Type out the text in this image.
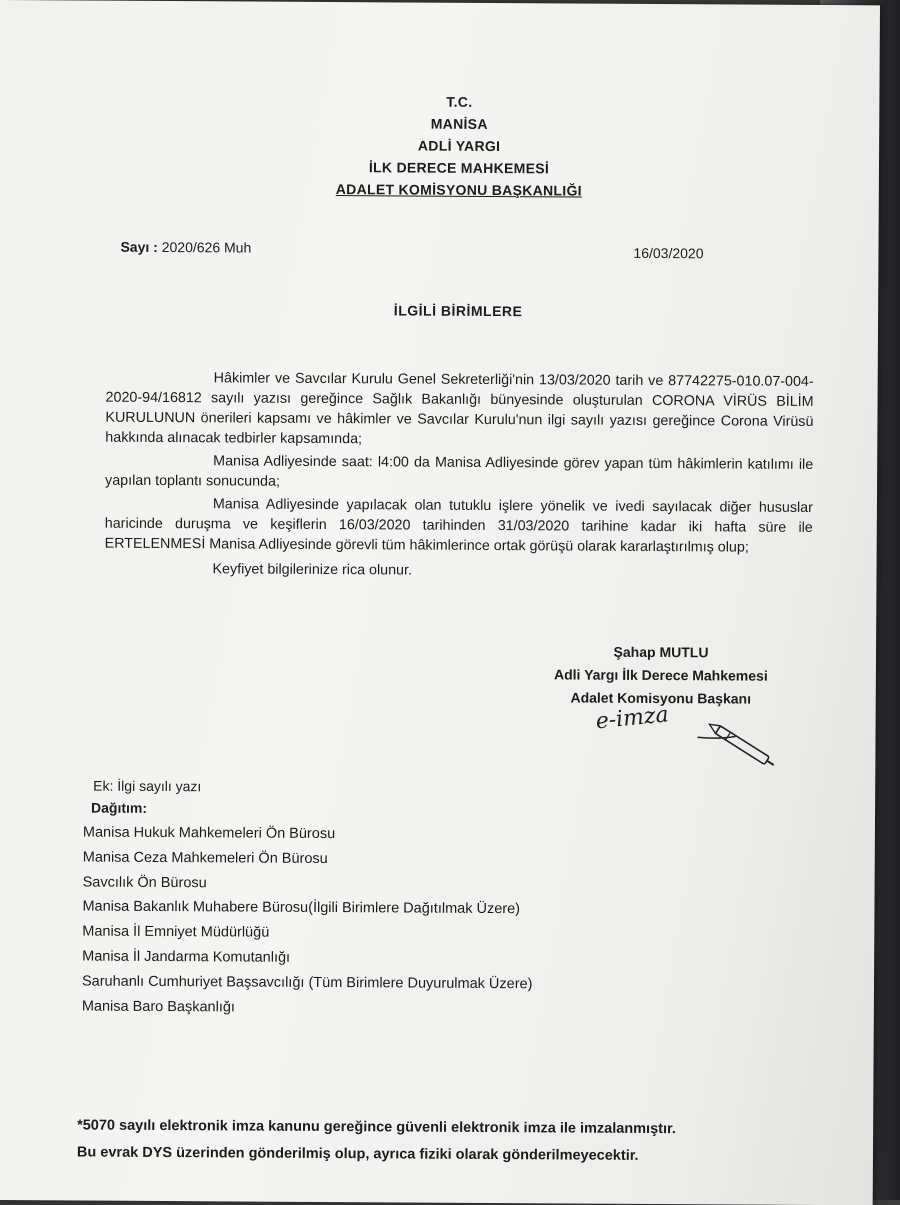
T.C.
MANİSA
ADLİ YARGI
İLK DERECE MAHKEMESİ
ADALET KOMİSYONU BAŞKANLIĞI
Sayı : 2020/626 Muh	16/03/2020
İLGİLİ BİRİMLERE

Hâkimler ve Savcılar Kurulu Genel Sekreterliği'nin 13/03/2020 tarih ve 87742275-010.07-004-2020-94/16812 sayılı yazısı gereğince Sağlık Bakanlığı bünyesinde oluşturulan CORONA VİRÜS BİLİM KURULUNUN önerileri kapsamı ve hâkimler ve Savcılar Kurulu'nun ilgi sayılı yazısı gereğince Corona Virüsü hakkında alınacak tedbirler kapsamında;

Manisa Adliyesinde saat: l4:00 da Manisa Adliyesinde görev yapan tüm hâkimlerin katılımı ile yapılan toplantı sonucunda;

Manisa Adliyesinde yapılacak olan tutuklu işlere yönelik ve ivedi sayılacak diğer hususlar haricinde duruşma ve keşiflerin 16/03/2020 tarihinden 31/03/2020 tarihine kadar iki hafta süre ile ERTELENMESİ Manisa Adliyesinde görevli tüm hâkimlerince ortak görüşü olarak kararlaştırılmış olup;

Keyfiyet bilgilerinize rica olunur.

Şahap MUTLU
Adli Yargı İlk Derece Mahkemesi
Adalet Komisyonu Başkanı
e-imza
Ek: İlgi sayılı yazı
Dağıtım:
Manisa Hukuk Mahkemeleri Ön Bürosu
Manisa Ceza Mahkemeleri Ön Bürosu
Savcılık Ön Bürosu
Manisa Bakanlık Muhabere Bürosu(İlgili Birimlere Dağıtılmak Üzere)
Manisa İl Emniyet Müdürlüğü
Manisa İl Jandarma Komutanlığı
Saruhanlı Cumhuriyet Başsavcılığı (Tüm Birimlere Duyurulmak Üzere)
Manisa Baro Başkanlığı
*5070 sayılı elektronik imza kanunu gereğince güvenli elektronik imza ile imzalanmıştır.
Bu evrak DYS üzerinden gönderilmiş olup, ayrıca fiziki olarak gönderilmeyecektir.
